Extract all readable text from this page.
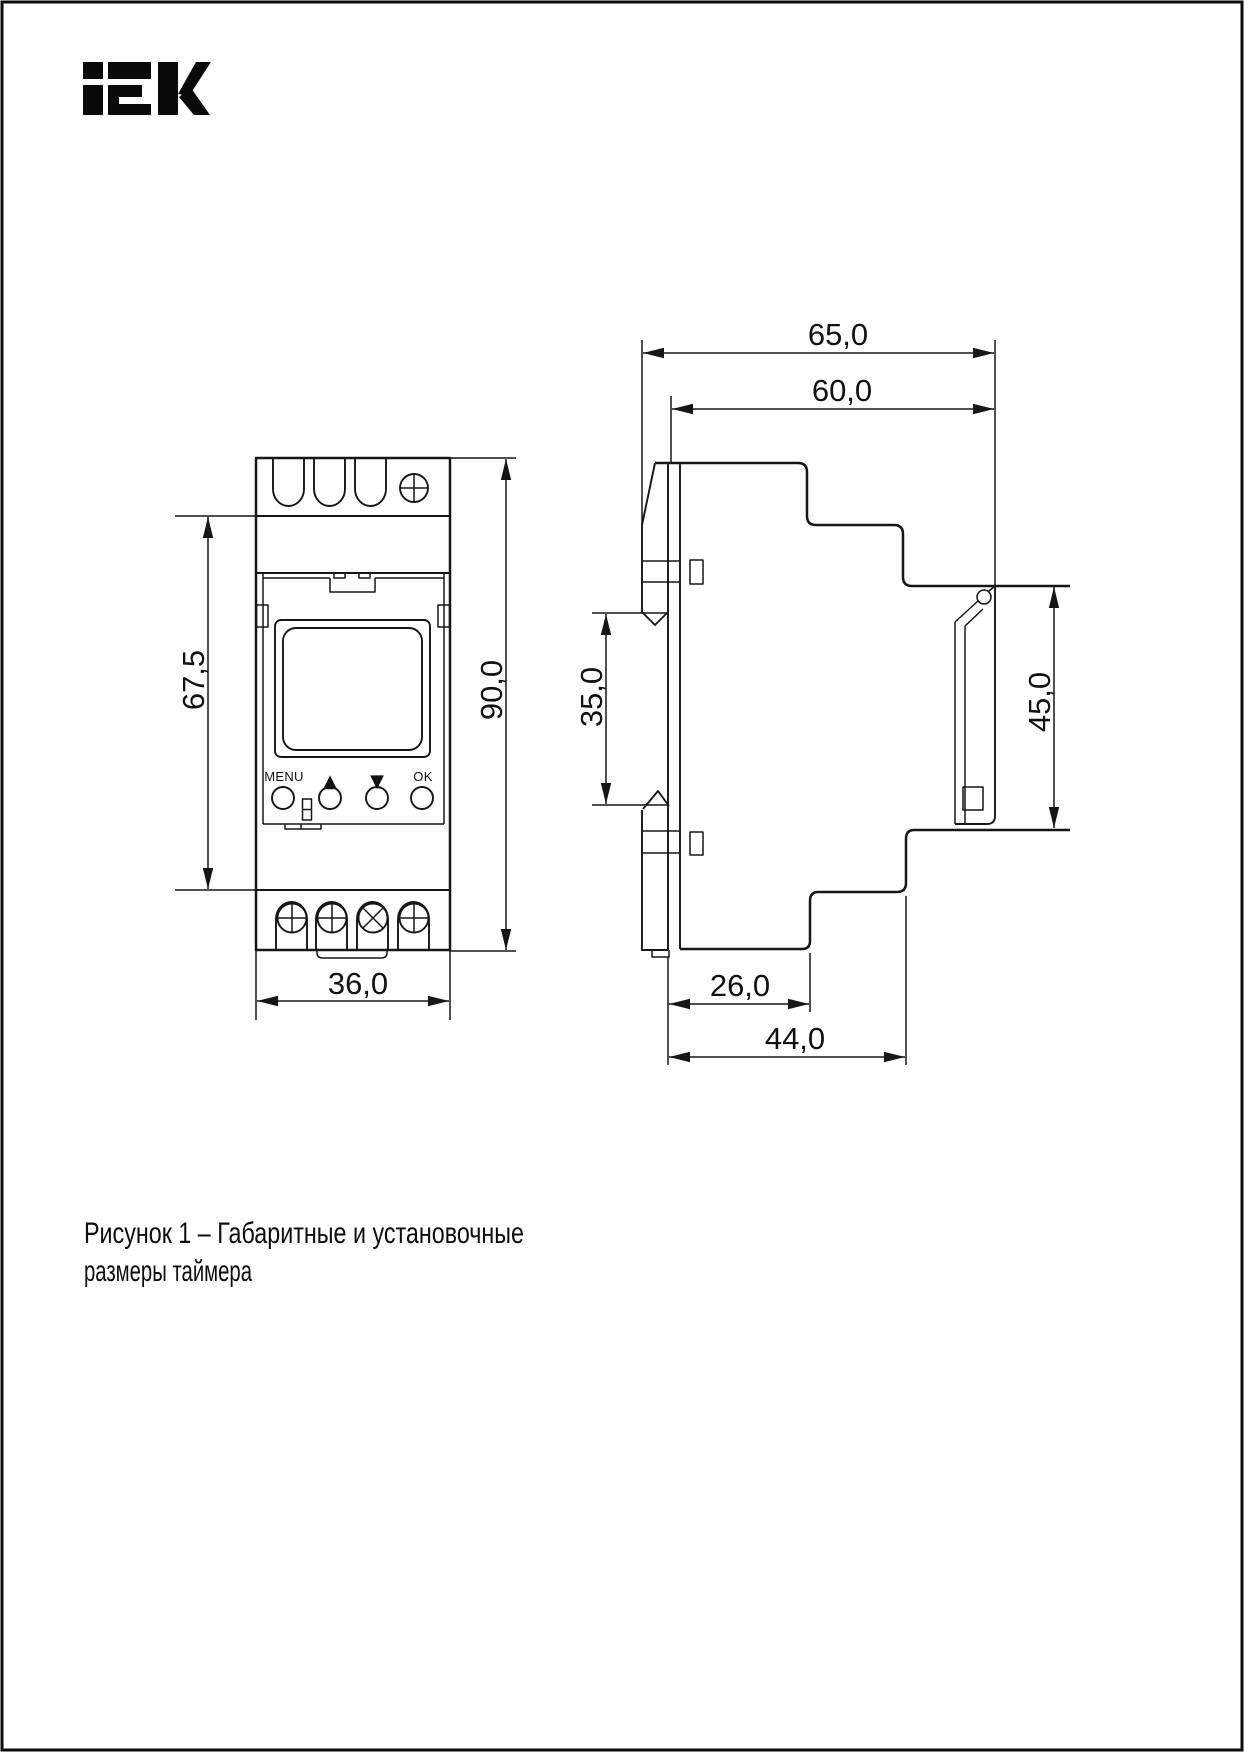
MENU ▲ ▼ OK
67,5	90,0
36,0
65,0
60,0
35,0	45,0
26,0
44,0
Рисунок 1 – Габаритные и установочные
размеры таймера
